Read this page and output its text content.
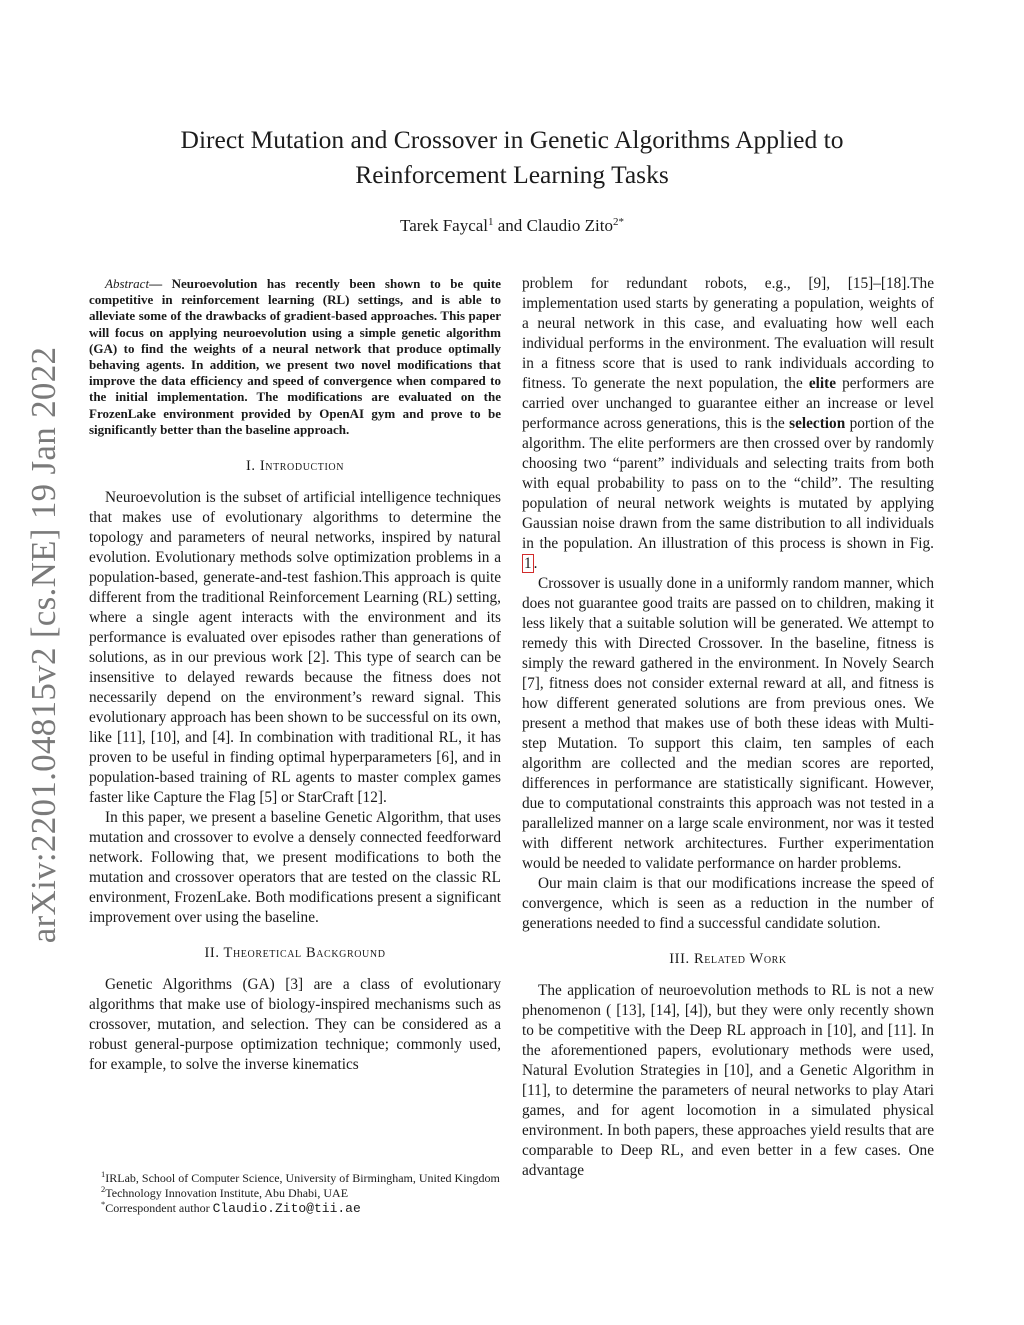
arXiv:2201.04815v2 [cs.NE] 19 Jan 2022
Direct Mutation and Crossover in Genetic Algorithms Applied to
Reinforcement Learning Tasks
Tarek Faycal$^1$ and Claudio Zito$^{2*}$

Abstract— Neuroevolution has recently been shown to be quite competitive in reinforcement learning (RL) settings, and is able to alleviate some of the drawbacks of gradient-based approaches. This paper will focus on applying neuroevolution using a simple genetic algorithm (GA) to find the weights of a neural network that produce optimally behaving agents. In addition, we present two novel modifications that improve the data efficiency and speed of convergence when compared to the initial implementation. The modifications are evaluated on the FrozenLake environment provided by OpenAI gym and prove to be significantly better than the baseline approach.

I. Introduction

Neuroevolution is the subset of artificial intelligence techniques that makes use of evolutionary algorithms to determine the topology and parameters of neural networks, inspired by natural evolution. Evolutionary methods solve optimization problems in a population-based, generate-and-test fashion.This approach is quite different from the traditional Reinforcement Learning (RL) setting, where a single agent interacts with the environment and its performance is evaluated over episodes rather than generations of solutions, as in our previous work [2]. This type of search can be insensitive to delayed rewards because the fitness does not necessarily depend on the environment’s reward signal. This evolutionary approach has been shown to be successful on its own, like [11], [10], and [4]. In combination with traditional RL, it has proven to be useful in finding optimal hyperparameters [6], and in population-based training of RL agents to master complex games faster like Capture the Flag [5] or StarCraft [12].

In this paper, we present a baseline Genetic Algorithm, that uses mutation and crossover to evolve a densely connected feedforward network. Following that, we present modifications to both the mutation and crossover operators that are tested on the classic RL environment, FrozenLake. Both modifications present a significant improvement over using the baseline.

II. Theoretical Background

Genetic Algorithms (GA) [3] are a class of evolutionary algorithms that make use of biology-inspired mechanisms such as crossover, mutation, and selection. They can be considered as a robust general-purpose optimization technique; commonly used, for example, to solve the inverse kinematics

$^1$IRLab, School of Computer Science, University of Birmingham, United Kingdom

$^2$Technology Innovation Institute, Abu Dhabi, UAE

*Correspondent author Claudio.Zito@tii.ae

problem for redundant robots, e.g., [9], [15]–[18].The implementation used starts by generating a population, weights of a neural network in this case, and evaluating how well each individual performs in the environment. The evaluation will result in a fitness score that is used to rank individuals according to fitness. To generate the next population, the elite performers are carried over unchanged to guarantee either an increase or level performance across generations, this is the selection portion of the algorithm. The elite performers are then crossed over by randomly choosing two “parent” individuals and selecting traits from both with equal probability to pass on to the “child”. The resulting population of neural network weights is mutated by applying Gaussian noise drawn from the same distribution to all individuals in the population. An illustration of this process is shown in Fig. 1 .

Crossover is usually done in a uniformly random manner, which does not guarantee good traits are passed on to children, making it less likely that a suitable solution will be generated. We attempt to remedy this with Directed Crossover. In the baseline, fitness is simply the reward gathered in the environment. In Novely Search [7], fitness does not consider external reward at all, and fitness is how different generated solutions are from previous ones. We present a method that makes use of both these ideas with Multi-step Mutation. To support this claim, ten samples of each algorithm are collected and the median scores are reported, differences in performance are statistically significant. However, due to computational constraints this approach was not tested in a parallelized manner on a large scale environment, nor was it tested with different network architectures. Further experimentation would be needed to validate performance on harder problems.

Our main claim is that our modifications increase the speed of convergence, which is seen as a reduction in the number of generations needed to find a successful candidate solution.

III. Related Work

The application of neuroevolution methods to RL is not a new phenomenon ( [13], [14], [4]), but they were only recently shown to be competitive with the Deep RL approach in [10], and [11]. In the aforementioned papers, evolutionary methods were used, Natural Evolution Strategies in [10], and a Genetic Algorithm in [11], to determine the parameters of neural networks to play Atari games, and for agent locomotion in a simulated physical environment. In both papers, these approaches yield results that are comparable to Deep RL, and even better in a few cases. One advantage
